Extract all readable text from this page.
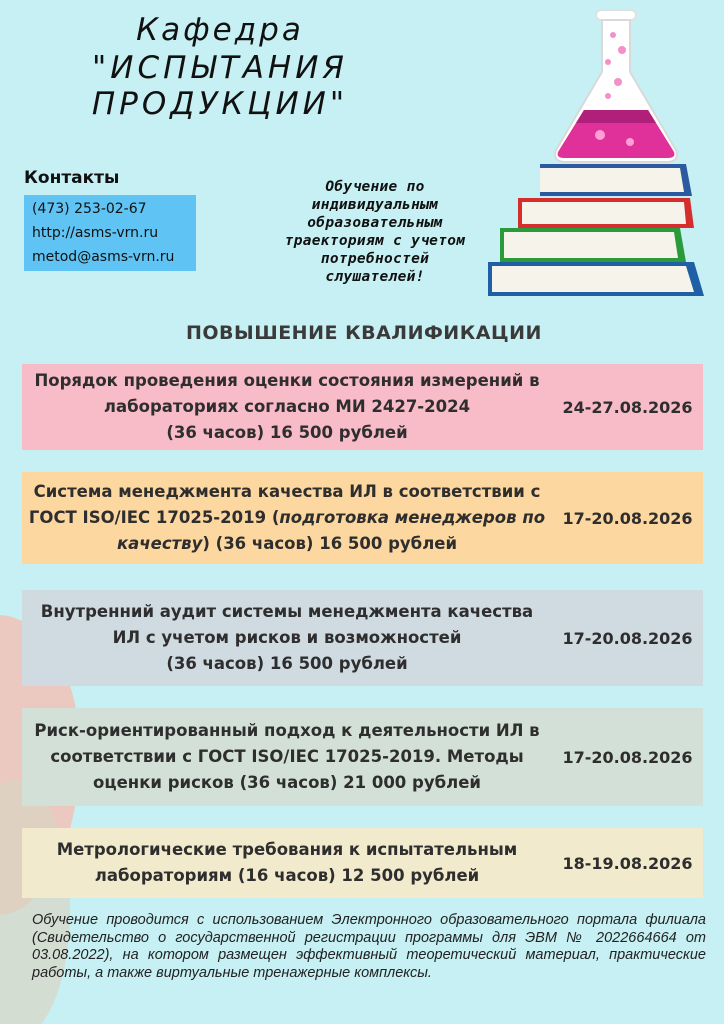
Кафедра
"ИСПЫТАНИЯ
ПРОДУКЦИИ"
Контакты
(473) 253-02-67
http://asms-vrn.ru
metod@asms-vrn.ru
Обучение по
индивидуальным
образовательным
траекториям с учетом
потребностей
слушателей!
ПОВЫШЕНИЕ КВАЛИФИКАЦИИ
Порядок проведения оценки состояния измерений в
лабораториях согласно МИ 2427-2024
(36 часов) 16 500 рублей
24-27.08.2026
Система менеджмента качества ИЛ в соответствии с
ГОСТ ISO/IEC 17025-2019 (подготовка менеджеров по
качеству) (36 часов) 16 500 рублей
17-20.08.2026
Внутренний аудит системы менеджмента качества
ИЛ с учетом рисков и возможностей
(36 часов) 16 500 рублей
17-20.08.2026
Риск-ориентированный подход к деятельности ИЛ в
соответствии с ГОСТ ISO/IEC 17025-2019. Методы
оценки рисков (36 часов) 21 000 рублей
17-20.08.2026
Метрологические требования к испытательным
лабораториям (16 часов) 12 500 рублей
18-19.08.2026
Обучение проводится с использованием Электронного образовательного портала филиала (Свидетельство о государственной регистрации программы для ЭВМ № 2022664664 от 03.08.2022), на котором размещен эффективный теоретический материал, практические работы, а также виртуальные тренажерные комплексы.
